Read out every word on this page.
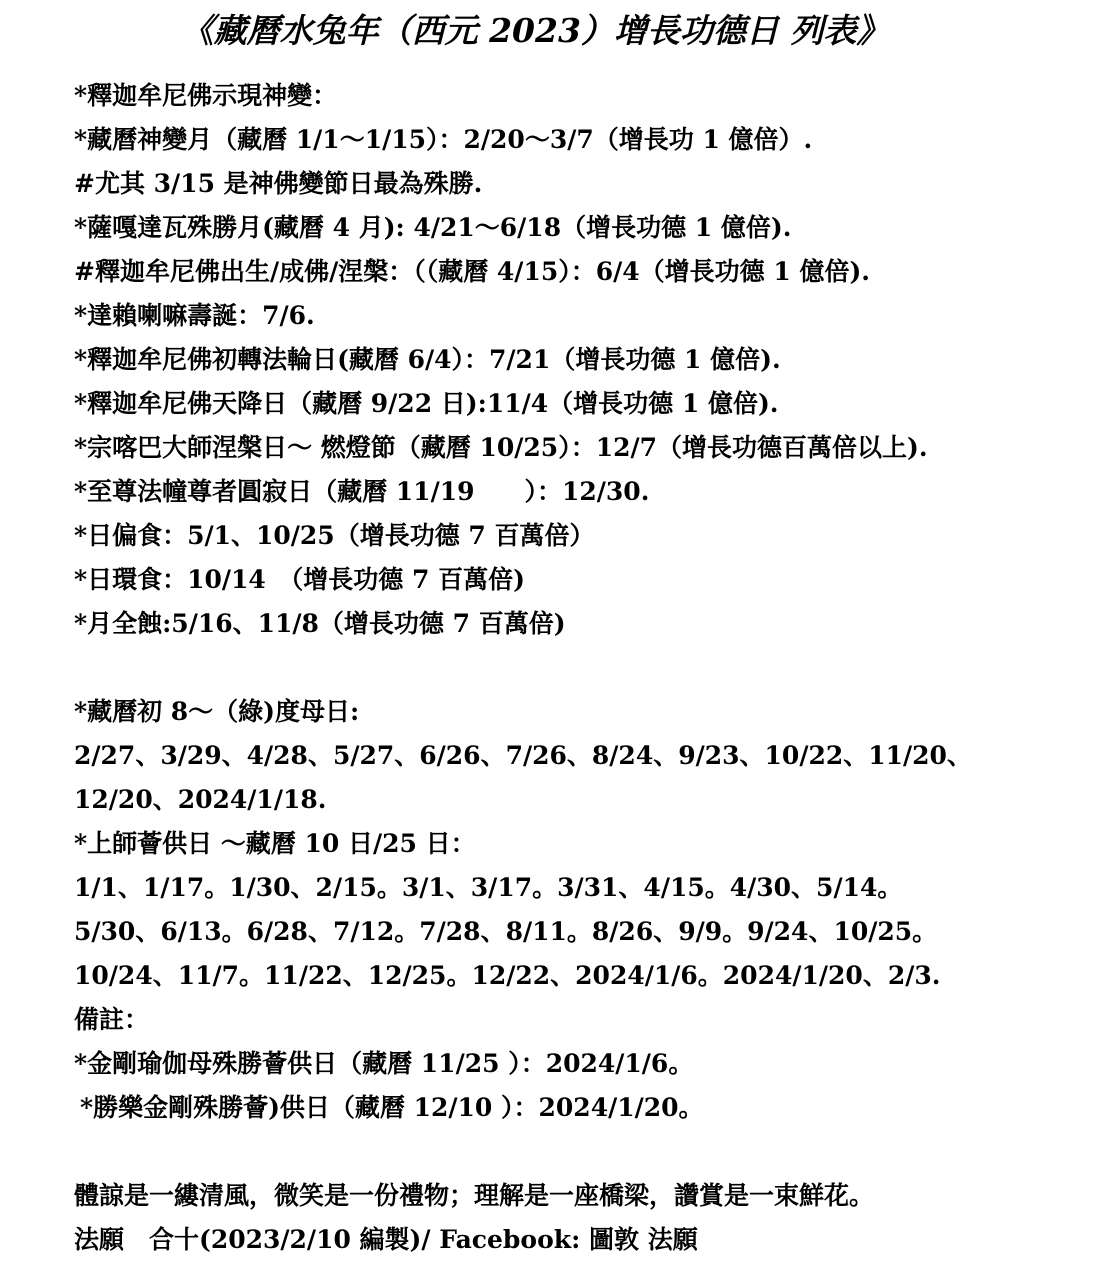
《藏曆水兔年（西元 2023）增長功德日 列表》
*釋迦牟尼佛示現神變：
*藏曆神變月（藏曆 1/1～1/15）：2/20～3/7（增長功 1 億倍）.
#尤其 3/15 是神佛變節日最為殊勝.
*薩嘎達瓦殊勝月(藏曆 4 月): 4/21～6/18（增長功德 1 億倍).
#釋迦牟尼佛出生/成佛/涅槃：（（藏曆 4/15）：6/4（增長功德 1 億倍).
*達賴喇嘛壽誕：7/6.
*釋迦牟尼佛初轉法輪日(藏曆 6/4）：7/21（增長功德 1 億倍).
*釋迦牟尼佛天降日（藏曆 9/22 日):11/4（增長功德 1 億倍).
*宗喀巴大師涅槃日～ 燃燈節（藏曆 10/25）：12/7（增長功德百萬倍以上).
*至尊法幢尊者圓寂日（藏曆 11/19　　）：12/30.
*日偏食：5/1、10/25（增長功德 7 百萬倍）
*日環食：10/14　（增長功德 7 百萬倍)
*月全蝕:5/16、11/8（增長功德 7 百萬倍)
*藏曆初 8～（綠)度母日:
2/27、3/29、4/28、5/27、6/26、7/26、8/24、9/23、10/22、11/20、
12/20、2024/1/18.
*上師薈供日 ～藏曆 10 日/25 日：
1/1、1/17。1/30、2/15。3/1、3/17。3/31、4/15。4/30、5/14。
5/30、6/13。6/28、7/12。7/28、8/11。8/26、9/9。9/24、10/25。
10/24、11/7。11/22、12/25。12/22、2024/1/6。2024/1/20、2/3.
備註：
*金剛瑜伽母殊勝薈供日（藏曆 11/25 ）：2024/1/6。
*勝樂金剛殊勝薈)供日（藏曆 12/10 ）：2024/1/20。
體諒是一縷清風，微笑是一份禮物；理解是一座橋梁，讚賞是一束鮮花。
法願　合十(2023/2/10 編製)/ Facebook: 圖敦 法願
